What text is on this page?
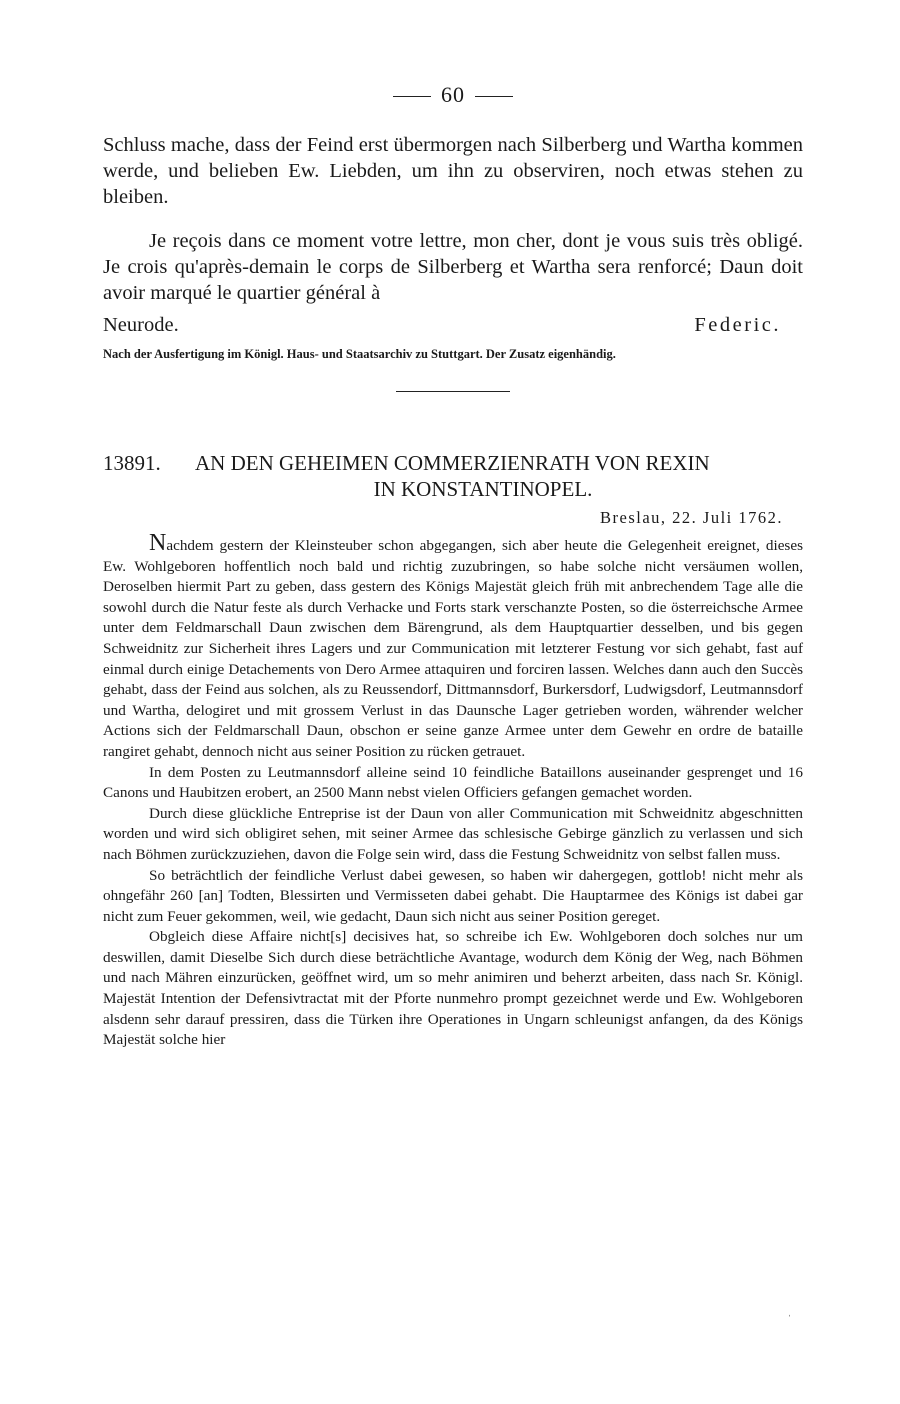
60

Schluss mache, dass der Feind erst übermorgen nach Silberberg und Wartha kommen werde, und belieben Ew. Liebden, um ihn zu observiren, noch etwas stehen zu bleiben.

Je reçois dans ce moment votre lettre, mon cher, dont je vous suis très obligé. Je crois qu'après-demain le corps de Silberberg et Wartha sera renforcé; Daun doit avoir marqué le quartier général à

Neurode.	Federic.

Nach der Ausfertigung im Königl. Haus- und Staatsarchiv zu Stuttgart. Der Zusatz eigenhändig.

13891. AN DEN GEHEIMEN COMMERZIENRATH VON REXIN
IN KONSTANTINOPEL.
Breslau, 22. Juli 1762.

Nachdem gestern der Kleinsteuber schon abgegangen, sich aber heute die Gelegenheit ereignet, dieses Ew. Wohlgeboren hoffentlich noch bald und richtig zuzubringen, so habe solche nicht versäumen wollen, Deroselben hiermit Part zu geben, dass gestern des Königs Majestät gleich früh mit anbrechendem Tage alle die sowohl durch die Natur feste als durch Verhacke und Forts stark verschanzte Posten, so die österreichsche Armee unter dem Feldmarschall Daun zwischen dem Bärengrund, als dem Hauptquartier desselben, und bis gegen Schweidnitz zur Sicherheit ihres Lagers und zur Communication mit letzterer Festung vor sich gehabt, fast auf einmal durch einige Detachements von Dero Armee attaquiren und forciren lassen. Welches dann auch den Succès gehabt, dass der Feind aus solchen, als zu Reussendorf, Dittmannsdorf, Burkersdorf, Ludwigsdorf, Leutmannsdorf und Wartha, delogiret und mit grossem Verlust in das Daunsche Lager getrieben worden, währender welcher Actions sich der Feldmarschall Daun, obschon er seine ganze Armee unter dem Gewehr en ordre de bataille rangiret gehabt, dennoch nicht aus seiner Position zu rücken getrauet.

In dem Posten zu Leutmannsdorf alleine seind 10 feindliche Bataillons auseinander gesprenget und 16 Canons und Haubitzen erobert, an 2500 Mann nebst vielen Officiers gefangen gemachet worden.

Durch diese glückliche Entreprise ist der Daun von aller Communication mit Schweidnitz abgeschnitten worden und wird sich obligiret sehen, mit seiner Armee das schlesische Gebirge gänzlich zu verlassen und sich nach Böhmen zurückzuziehen, davon die Folge sein wird, dass die Festung Schweidnitz von selbst fallen muss.

So beträchtlich der feindliche Verlust dabei gewesen, so haben wir dahergegen, gottlob! nicht mehr als ohngefähr 260 [an] Todten, Blessirten und Vermisseten dabei gehabt. Die Hauptarmee des Königs ist dabei gar nicht zum Feuer gekommen, weil, wie gedacht, Daun sich nicht aus seiner Position gereget.

Obgleich diese Affaire nicht[s] decisives hat, so schreibe ich Ew. Wohlgeboren doch solches nur um deswillen, damit Dieselbe Sich durch diese beträchtliche Avantage, wodurch dem König der Weg, nach Böhmen und nach Mähren einzurücken, geöffnet wird, um so mehr animiren und beherzt arbeiten, dass nach Sr. Königl. Majestät Intention der Defensivtractat mit der Pforte nunmehro prompt gezeichnet werde und Ew. Wohlgeboren alsdenn sehr darauf pressiren, dass die Türken ihre Operationes in Ungarn schleunigst anfangen, da des Königs Majestät solche hier

ˌ
